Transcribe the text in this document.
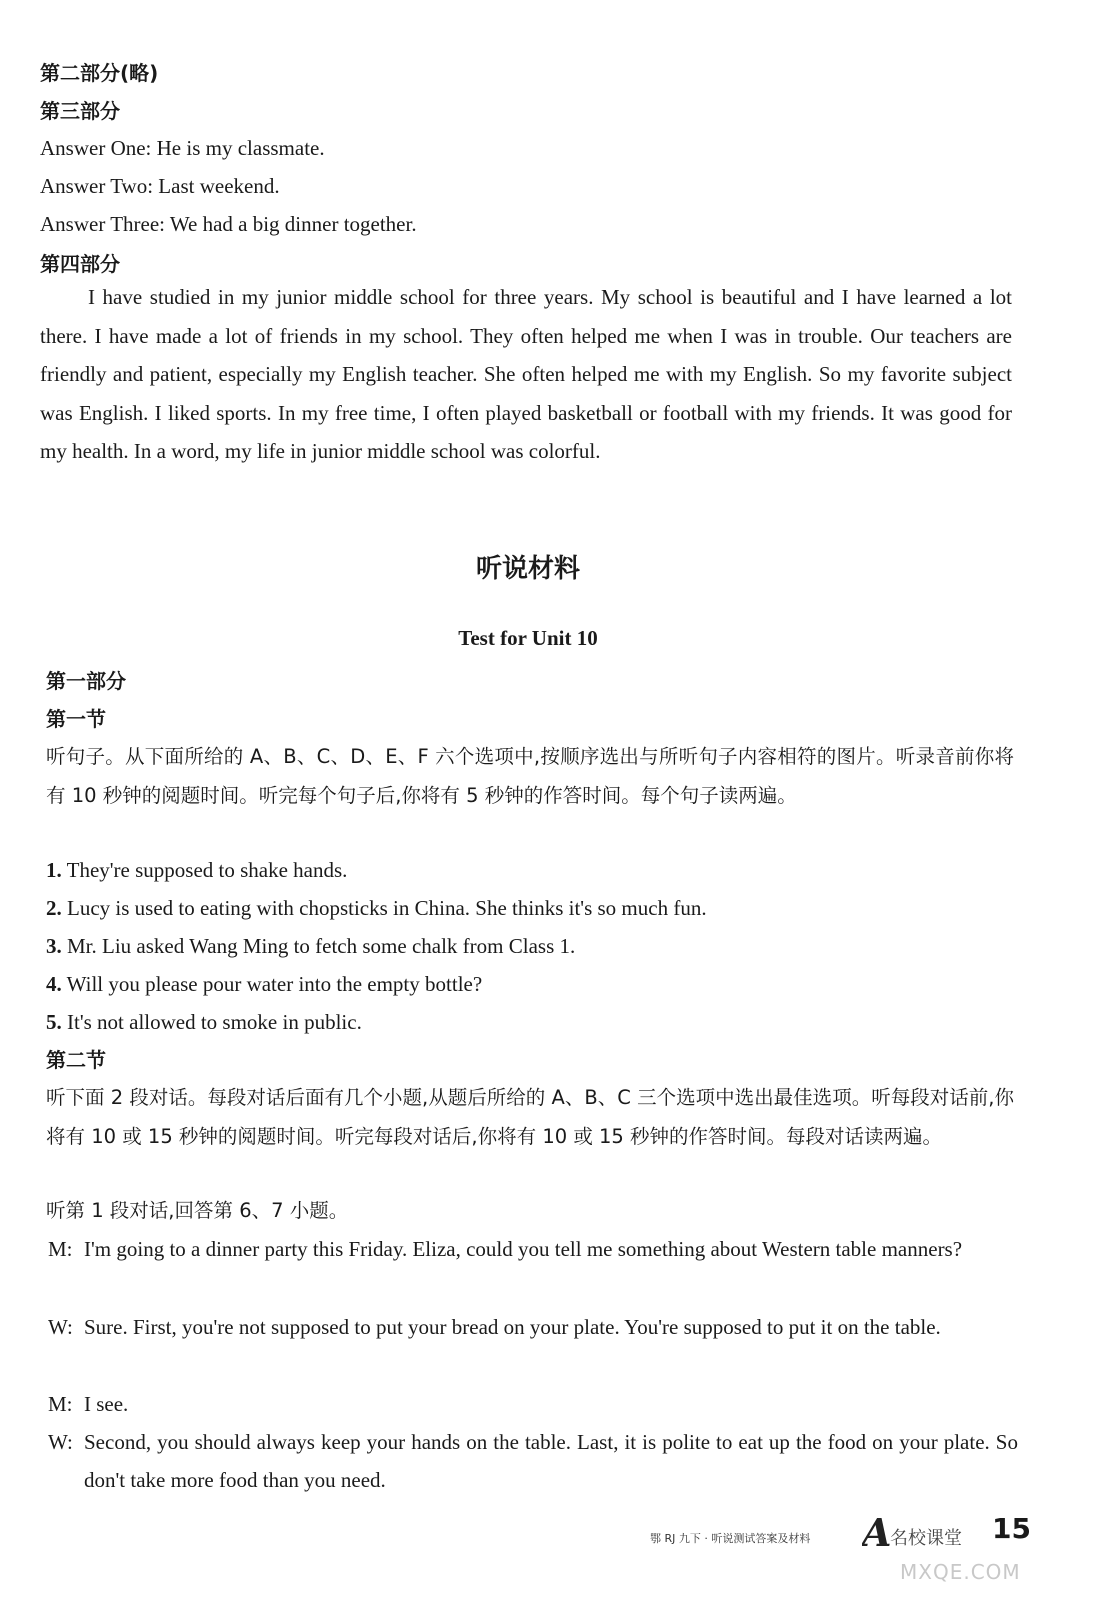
第二部分(略)
第三部分
Answer One: He is my classmate.
Answer Two: Last weekend.
Answer Three: We had a big dinner together.
第四部分
I have studied in my junior middle school for three years. My school is beautiful and I have learned a lot there. I have made a lot of friends in my school. They often helped me when I was in trouble. Our teachers are friendly and patient, especially my English teacher. She often helped me with my English. So my favorite subject was English. I liked sports. In my free time, I often played basketball or football with my friends. It was good for my health. In a word, my life in junior middle school was colorful.
听说材料
Test for Unit 10
第一部分
第一节
听句子。从下面所给的 A、B、C、D、E、F 六个选项中,按顺序选出与所听句子内容相符的图片。听录音前你将有 10 秒钟的阅题时间。听完每个句子后,你将有 5 秒钟的作答时间。每个句子读两遍。
1. They're supposed to shake hands.
2. Lucy is used to eating with chopsticks in China. She thinks it's so much fun.
3. Mr. Liu asked Wang Ming to fetch some chalk from Class 1.
4. Will you please pour water into the empty bottle?
5. It's not allowed to smoke in public.
第二节
听下面 2 段对话。每段对话后面有几个小题,从题后所给的 A、B、C 三个选项中选出最佳选项。听每段对话前,你将有 10 或 15 秒钟的阅题时间。听完每段对话后,你将有 10 或 15 秒钟的作答时间。每段对话读两遍。
听第 1 段对话,回答第 6、7 小题。
M: I'm going to a dinner party this Friday. Eliza, could you tell me something about Western table manners?
W: Sure. First, you're not supposed to put your bread on your plate. You're supposed to put it on the table.
M: I see.
W: Second, you should always keep your hands on the table. Last, it is polite to eat up the food on your plate. So don't take more food than you need.
鄂 RJ 九下 · 听说测试答案及材料 A
名校课堂 15
MXQE.COM
